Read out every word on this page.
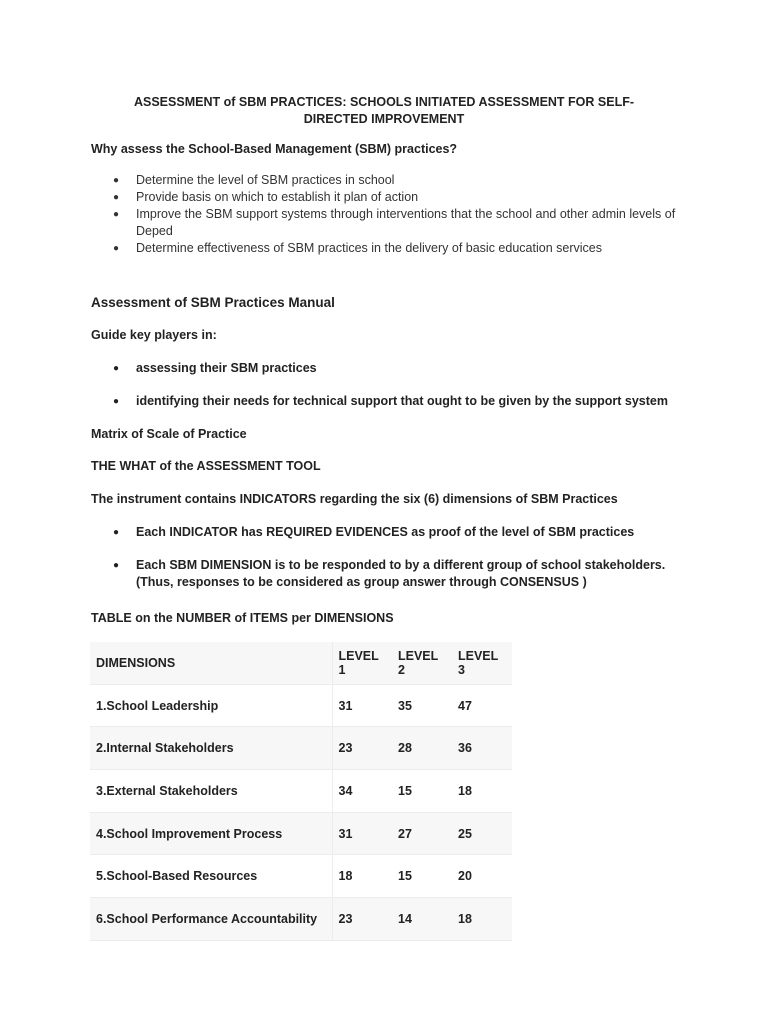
ASSESSMENT of SBM PRACTICES: SCHOOLS INITIATED ASSESSMENT FOR SELF- DIRECTED IMPROVEMENT
Why assess the School-Based Management (SBM) practices?
● Determine the level of SBM practices in school
● Provide basis on which to establish it plan of action
● Improve the SBM support systems through interventions that the school and other admin levels of Deped
● Determine effectiveness of SBM practices in the delivery of basic education services
Assessment of SBM Practices Manual
Guide key players in:
● assessing their SBM practices
● identifying their needs for technical support that ought to be given by the support system
Matrix of Scale of Practice
THE WHAT of the ASSESSMENT TOOL
The instrument contains INDICATORS regarding the six (6) dimensions of SBM Practices
● Each INDICATOR has REQUIRED EVIDENCES as proof of the level of SBM practices
● Each SBM DIMENSION is to be responded to by a different group of school stakeholders. (Thus, responses to be considered as group answer through CONSENSUS )
TABLE on the NUMBER of ITEMS per DIMENSIONS
DIMENSIONS	LEVEL 1	LEVEL 2	LEVEL 3
1.School Leadership	31	35	47
2.Internal Stakeholders	23	28	36
3.External Stakeholders	34	15	18
4.School Improvement Process	31	27	25
5.School-Based Resources	18	15	20
6.School Performance Accountability	23	14	18
